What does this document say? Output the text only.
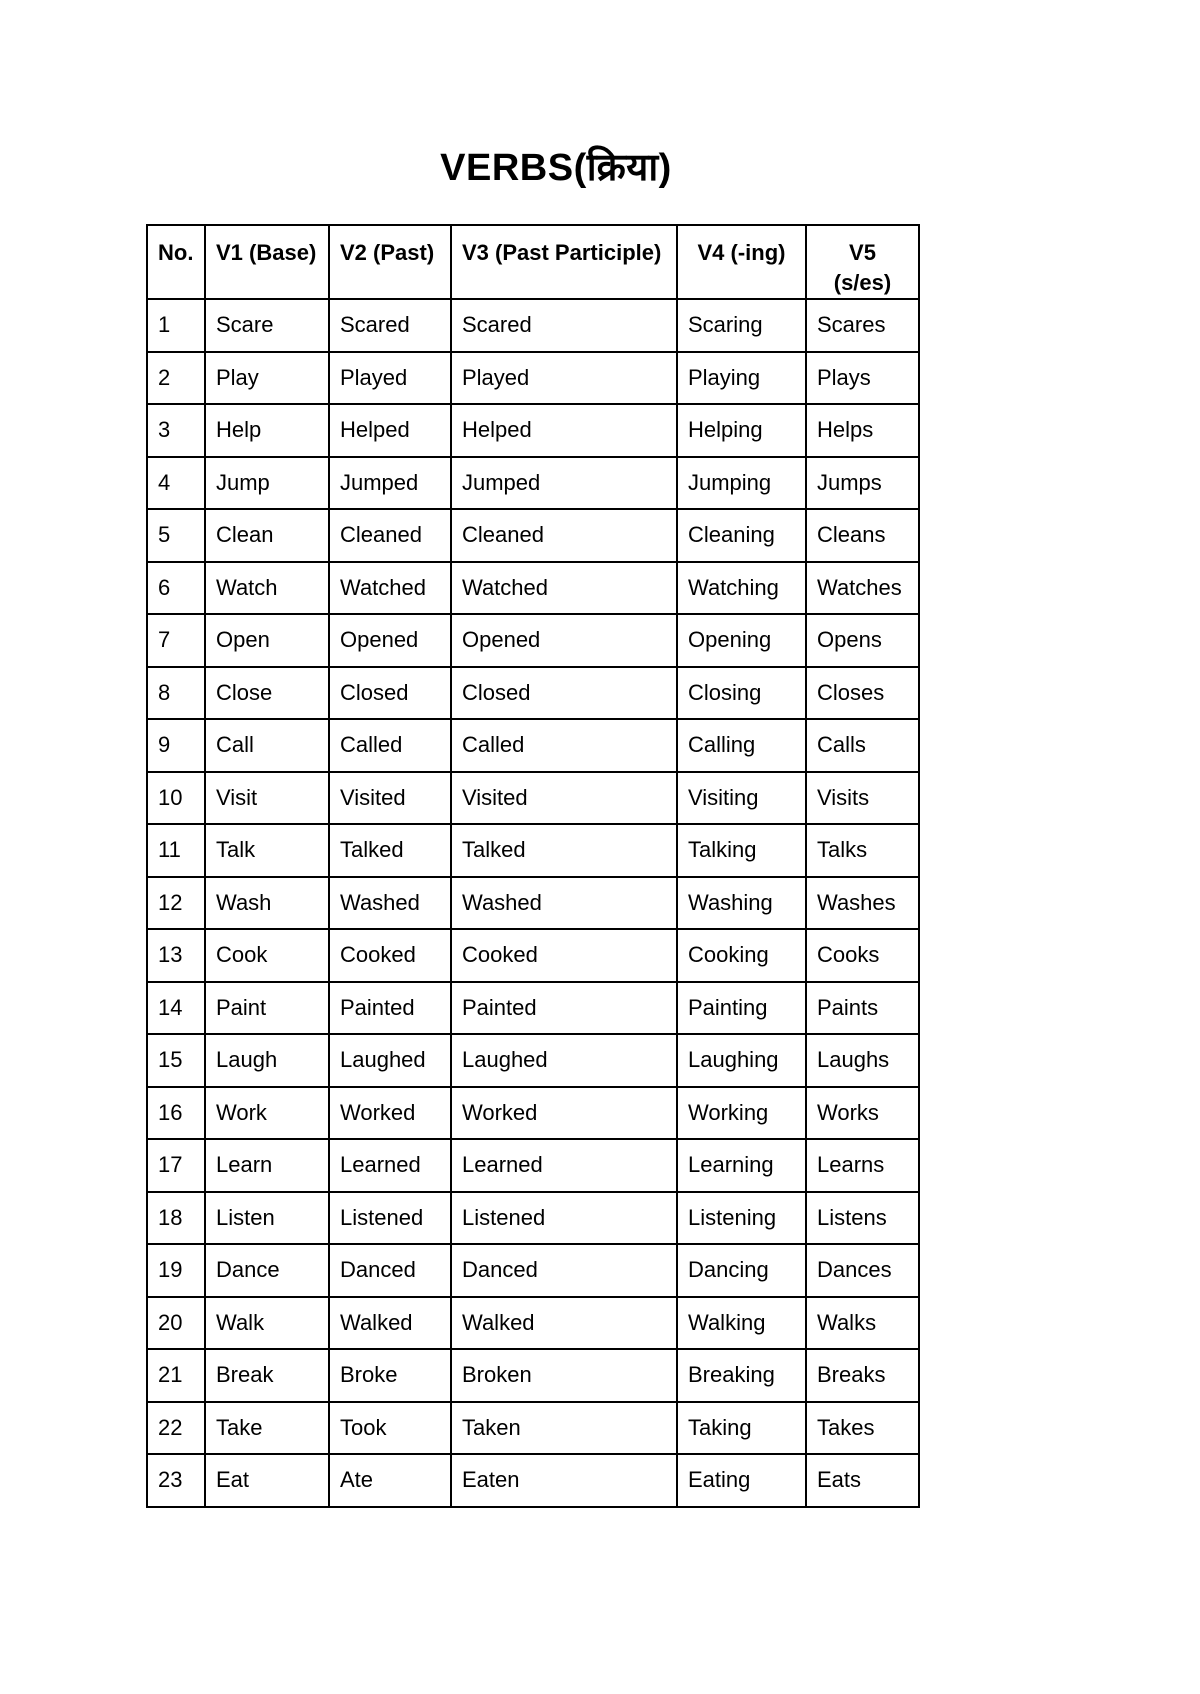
VERBS(क्रिया)
No.	V1 (Base)	V2 (Past)	V3 (Past Participle)	V4 (-ing)	V5
(s/es)

1	Scare	Scared	Scared	Scaring	Scares
2	Play	Played	Played	Playing	Plays
3	Help	Helped	Helped	Helping	Helps
4	Jump	Jumped	Jumped	Jumping	Jumps
5	Clean	Cleaned	Cleaned	Cleaning	Cleans
6	Watch	Watched	Watched	Watching	Watches
7	Open	Opened	Opened	Opening	Opens
8	Close	Closed	Closed	Closing	Closes
9	Call	Called	Called	Calling	Calls
10	Visit	Visited	Visited	Visiting	Visits
11	Talk	Talked	Talked	Talking	Talks
12	Wash	Washed	Washed	Washing	Washes
13	Cook	Cooked	Cooked	Cooking	Cooks
14	Paint	Painted	Painted	Painting	Paints
15	Laugh	Laughed	Laughed	Laughing	Laughs
16	Work	Worked	Worked	Working	Works
17	Learn	Learned	Learned	Learning	Learns
18	Listen	Listened	Listened	Listening	Listens
19	Dance	Danced	Danced	Dancing	Dances
20	Walk	Walked	Walked	Walking	Walks
21	Break	Broke	Broken	Breaking	Breaks
22	Take	Took	Taken	Taking	Takes
23	Eat	Ate	Eaten	Eating	Eats
